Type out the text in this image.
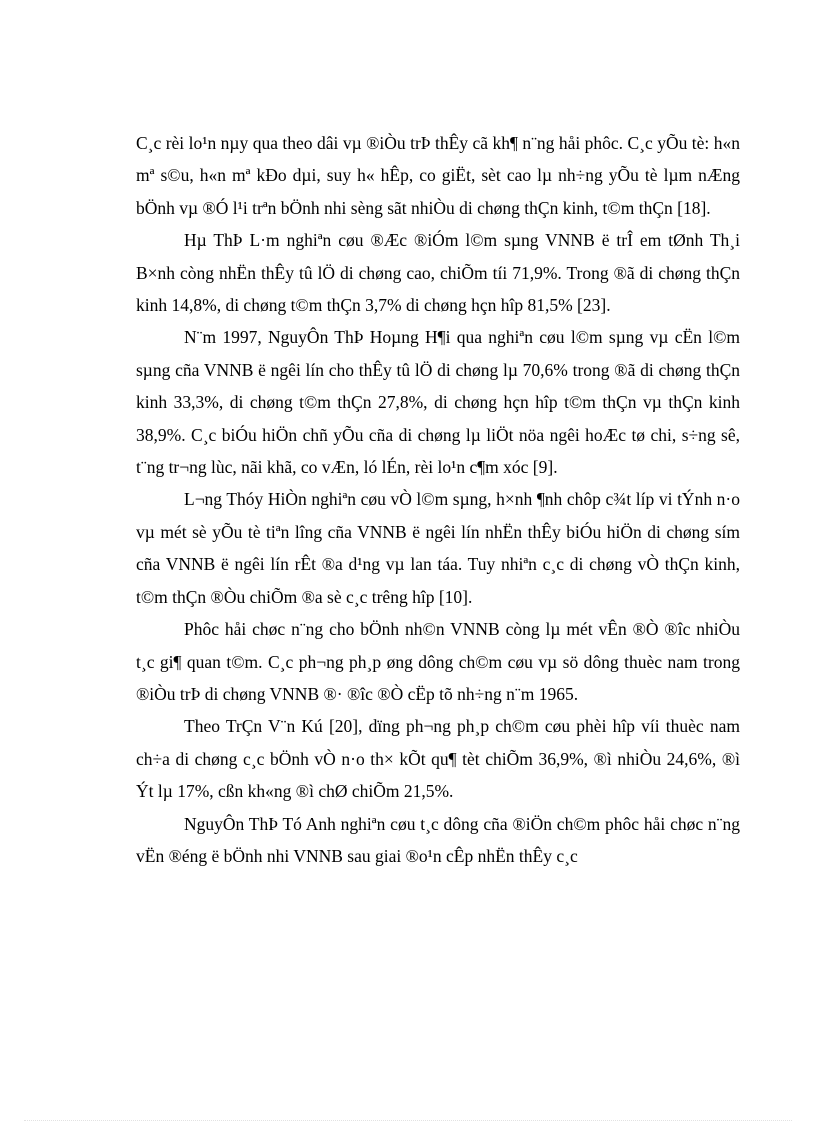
C¸c rèi lo¹n nµy qua theo dâi vµ ®iÒu trÞ thÊy cã kh¶ n¨ng håi phôc. C¸c yÕu tè: h«n mª s©u, h«n mª kÐo dµi, suy h« hÊp, co giËt, sèt cao lµ nh÷ng yÕu tè lµm nÆng bÖnh vµ ®Ó l¹i trªn bÖnh nhi sèng sãt nhiÒu di chøng thÇn kinh, t©m thÇn [18].

Hµ ThÞ L·m nghiªn cøu ®Æc ®iÓm l©m sµng VNNB ë trÎ em tØnh Th¸i B×nh còng nhËn thÊy tû lÖ di chøng cao, chiÕm tíi 71,9%. Trong ®ã di chøng thÇn kinh 14,8%, di chøng t©m thÇn 3,7% di chøng hçn hîp 81,5% [23].

N¨m 1997, NguyÔn ThÞ Hoµng H¶i qua nghiªn cøu l©m sµng vµ cËn l©m sµng cña VNNB ë ngêi lín cho thÊy tû lÖ di chøng lµ 70,6% trong ®ã di chøng thÇn kinh 33,3%, di chøng t©m thÇn 27,8%, di chøng hçn hîp t©m thÇn vµ thÇn kinh 38,9%. C¸c biÓu hiÖn chñ yÕu cña di chøng lµ liÖt nöa ngêi hoÆc tø chi, s÷ng sê, t¨ng tr¬ng lùc, nãi khã, co vÆn, ló lÉn, rèi lo¹n c¶m xóc [9].

L¬ng Thóy HiÒn nghiªn cøu vÒ l©m sµng, h×nh ¶nh chôp c¾t líp vi tÝnh n·o vµ mét sè yÕu tè tiªn lîng cña VNNB ë ngêi lín nhËn thÊy biÓu hiÖn di chøng sím cña VNNB ë ngêi lín rÊt ®a d¹ng vµ lan táa. Tuy nhiªn c¸c di chøng vÒ thÇn kinh, t©m thÇn ®Òu chiÕm ®a sè c¸c trêng hîp [10].

Phôc håi chøc n¨ng cho bÖnh nh©n VNNB còng lµ mét vÊn ®Ò ®îc nhiÒu t¸c gi¶ quan t©m. C¸c ph¬ng ph¸p øng dông ch©m cøu vµ sö dông thuèc nam trong ®iÒu trÞ di chøng VNNB ®· ®îc ®Ò cËp tõ nh÷ng n¨m 1965.

Theo TrÇn V¨n Kú [20], dïng ph¬ng ph¸p ch©m cøu phèi hîp víi thuèc nam ch÷a di chøng c¸c bÖnh vÒ n·o th× kÕt qu¶ tèt chiÕm 36,9%, ®ì nhiÒu 24,6%, ®ì Ýt lµ 17%, cßn kh«ng ®ì chØ chiÕm 21,5%.

NguyÔn ThÞ Tó Anh nghiªn cøu t¸c dông cña ®iÖn ch©m phôc håi chøc n¨ng vËn ®éng ë bÖnh nhi VNNB sau giai ®o¹n cÊp nhËn thÊy c¸c
